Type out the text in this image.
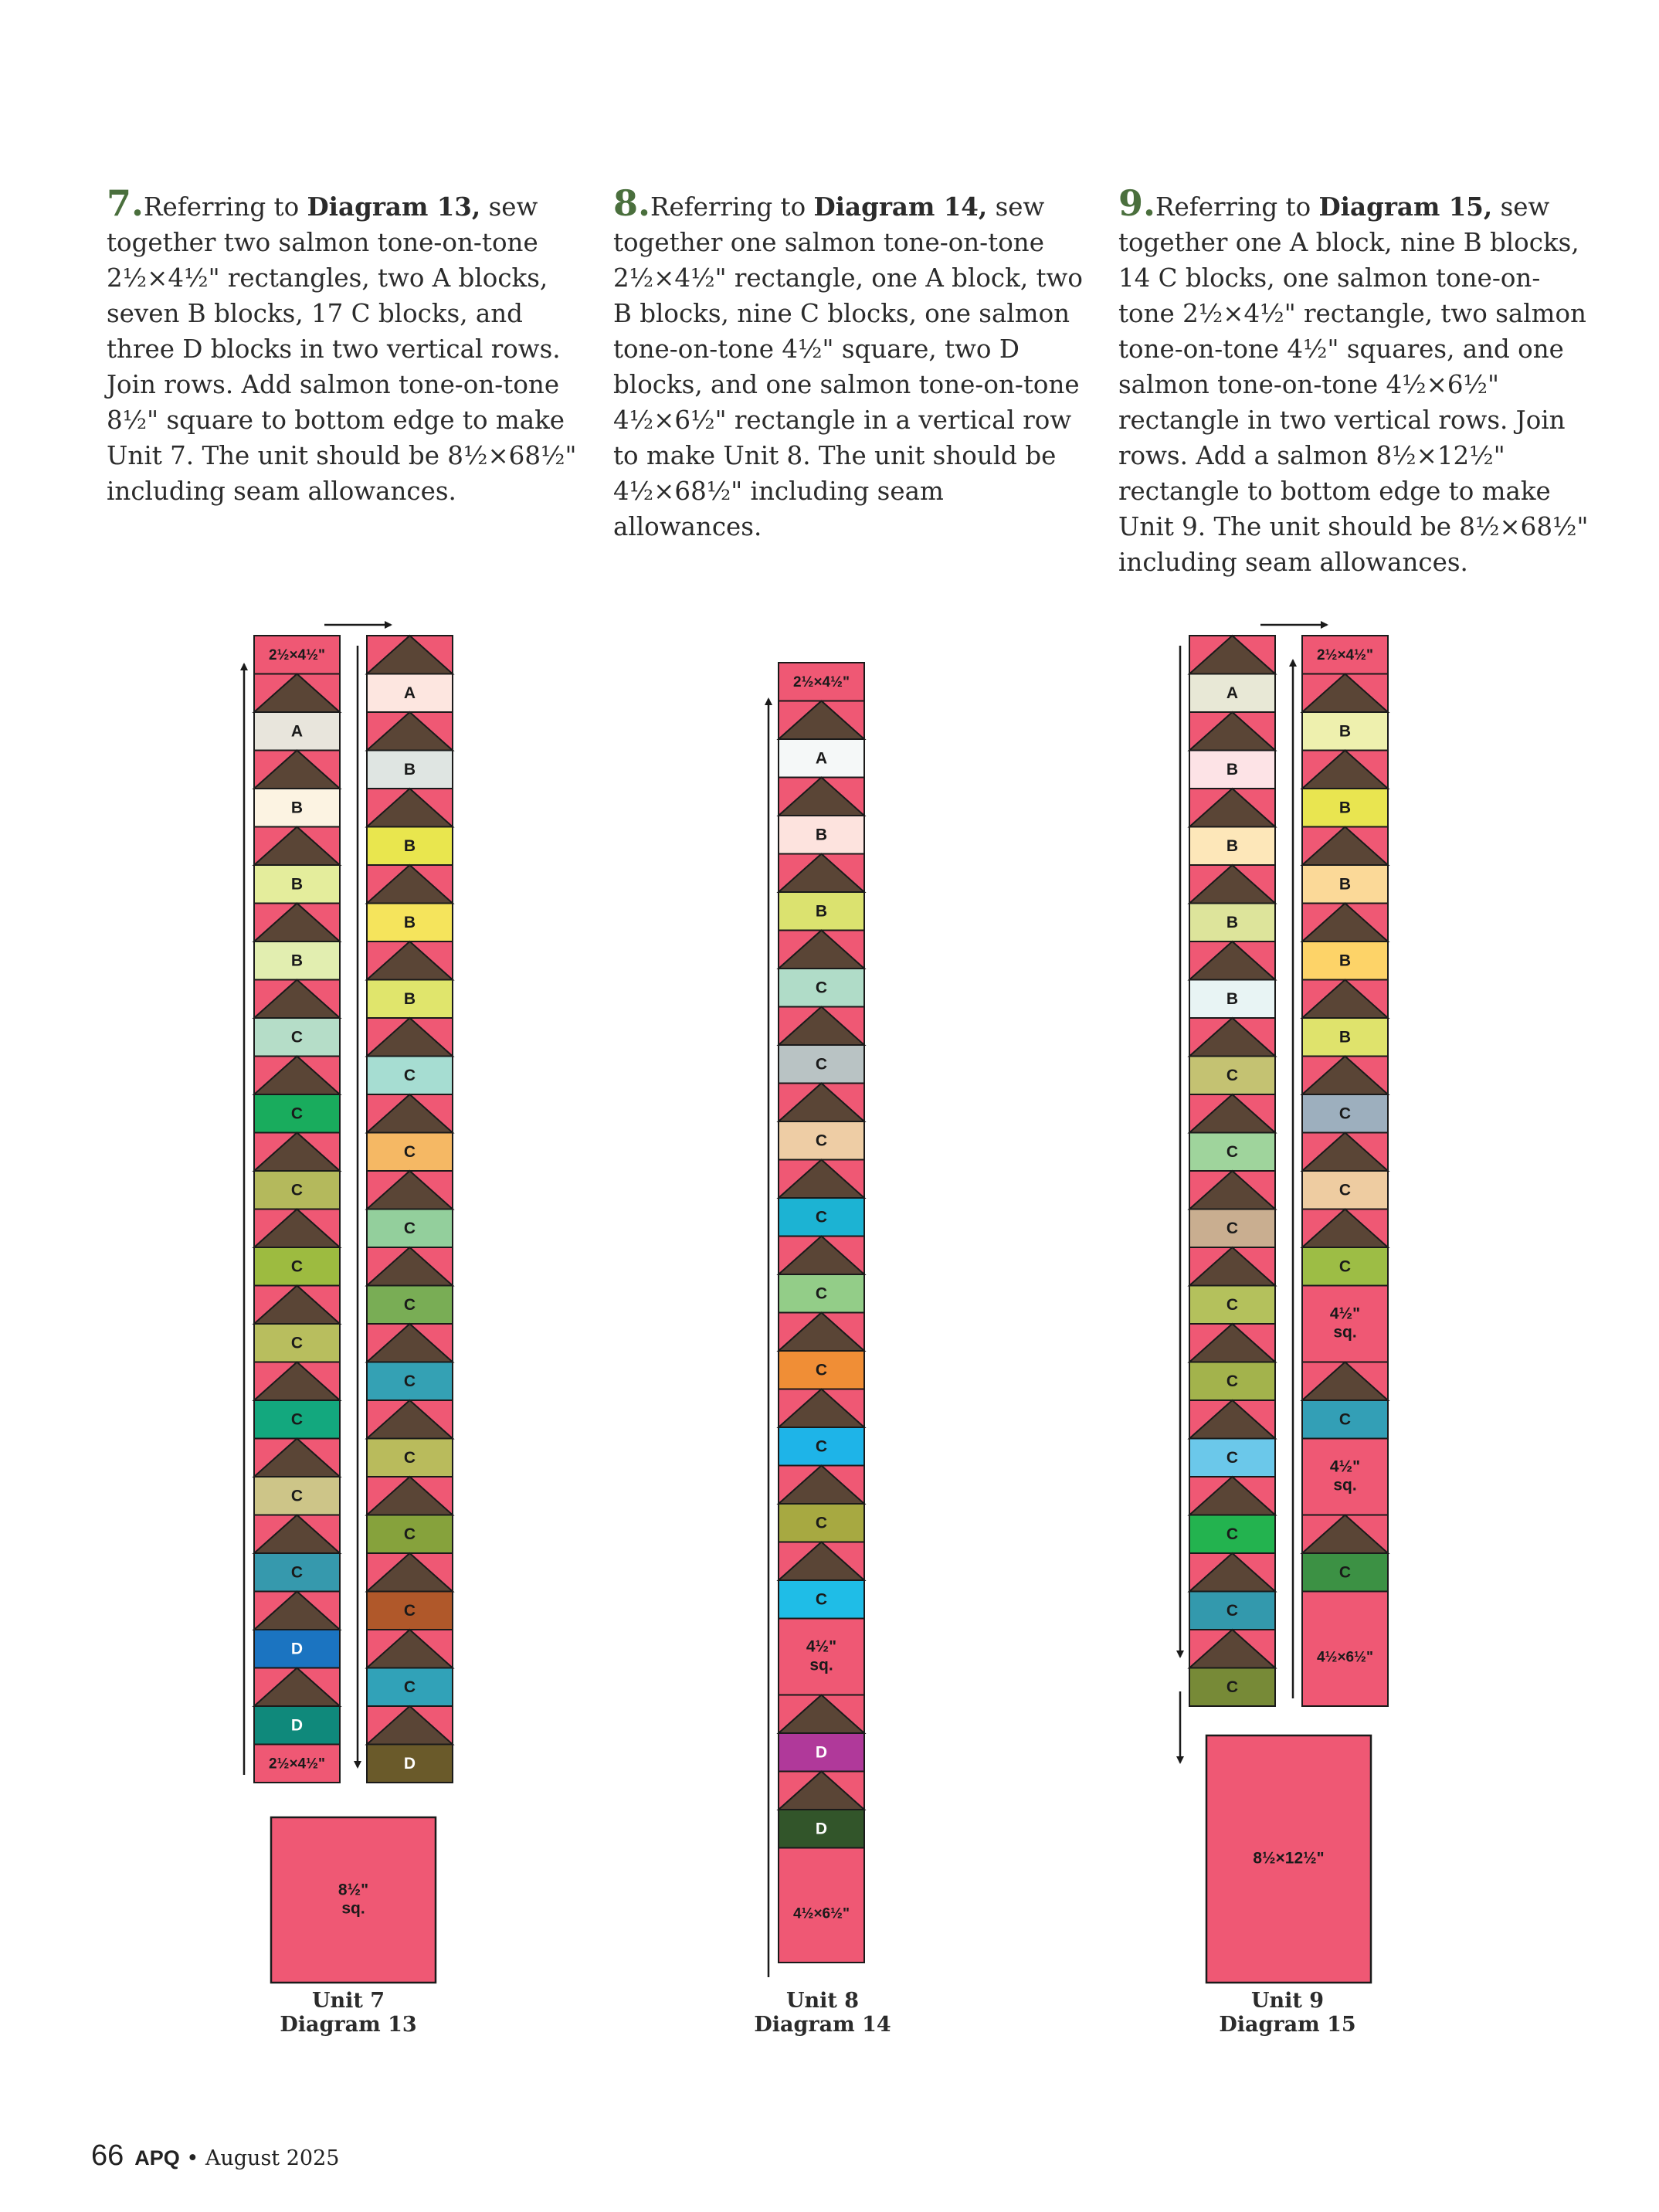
7.Referring to Diagram 13, sew together two salmon tone-on-tone 2½×4½" rectangles, two A blocks, seven B blocks, 17 C blocks, and three D blocks in two vertical rows. Join rows. Add salmon tone-on-tone 8½" square to bottom edge to make Unit 7. The unit should be 8½×68½" including seam allowances.

8.Referring to Diagram 14, sew together one salmon tone-on-tone 2½×4½" rectangle, one A block, two B blocks, nine C blocks, one salmon tone-on-tone 4½" square, two D blocks, and one salmon tone-on-tone 4½×6½" rectangle in a vertical row to make Unit 8. The unit should be 4½×68½" including seam allowances.

9.Referring to Diagram 15, sew together one A block, nine B blocks, 14 C blocks, one salmon tone-on-tone 2½×4½" rectangle, two salmon tone-on-tone 4½" squares, and one salmon tone-on-tone 4½×6½" rectangle in two vertical rows. Join rows. Add a salmon 8½×12½" rectangle to bottom edge to make Unit 9. The unit should be 8½×68½" including seam allowances.

2½×4½"
A
B
B
B
C
C
C
C
C
C
C
C
D
D
2½×4½"
A
B
B
B
B
C
C
C
C
C
C
C
C
C
D
8½"
sq.
2½×4½"
A
B
B
C
C
C
C
C
C
C
C
C
4½"
sq.
D
D
4½×6½"
A
B
B
B
B
C
C
C
C
C
C
C
C
C
2½×4½"
B
B
B
B
B
C
C
C
4½"
sq.
C
4½"
sq.
C
4½×6½"
8½×12½"
Unit 7
Diagram 13
Unit 8
Diagram 14
Unit 9
Diagram 15
66 APQ • August 2025
